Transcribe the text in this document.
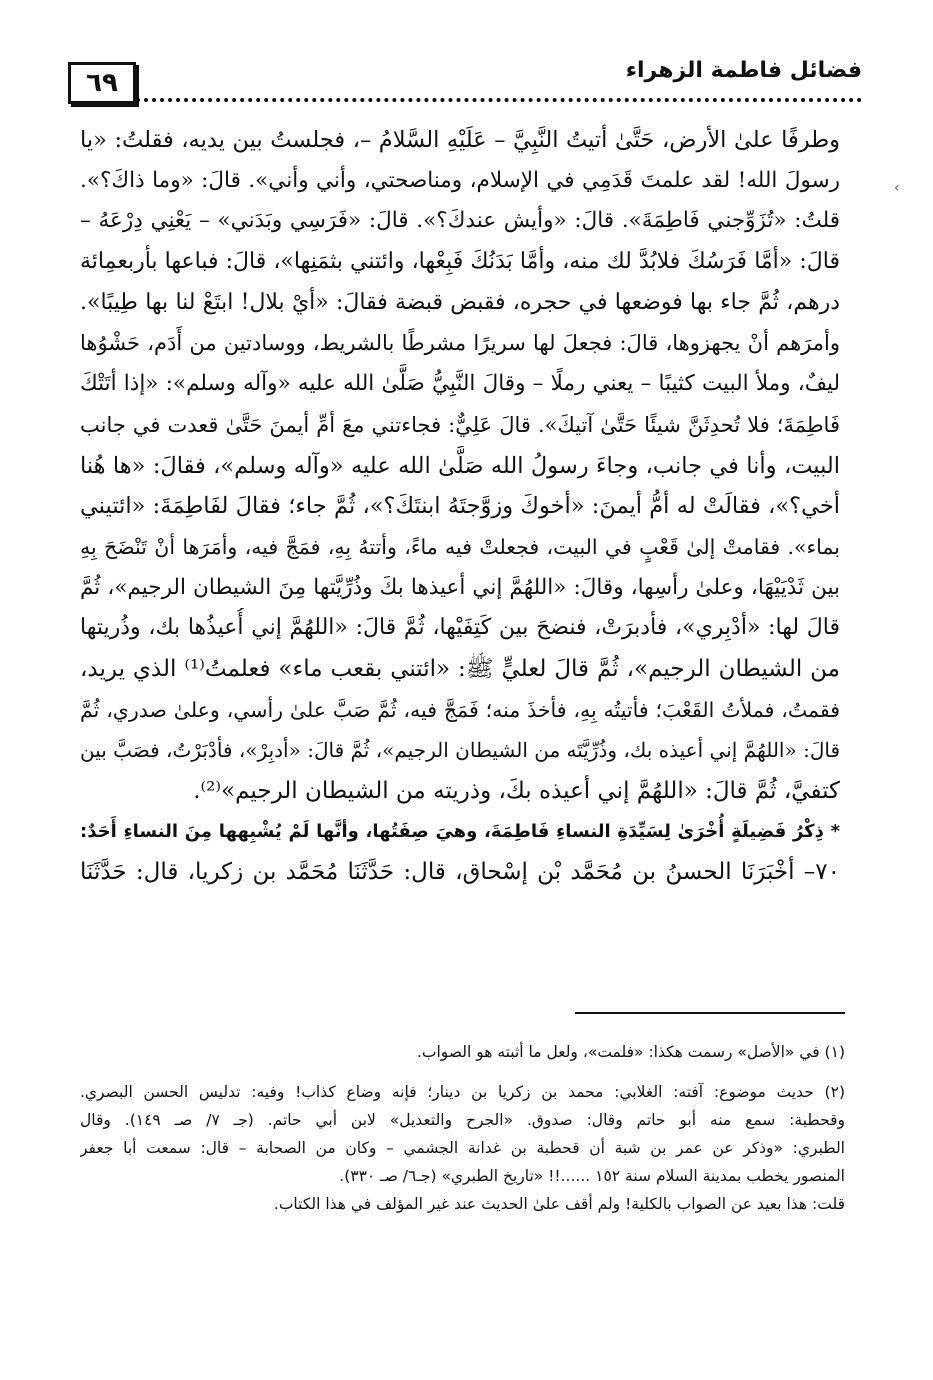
٦٩	فضائل فاطمة الزهراء
‹
وطرفًا علىٰ الأرض، حَتَّىٰ أتيتُ النَّبِيَّ – عَلَيْهِ السَّلامُ –، فجلستُ بين يديه، فقلتُ: «يا
رسولَ الله! لقد علمتَ قَدَمِي في الإسلام، ومناصحتي، وأني وأني». قالَ: «وما ذاكَ؟».
قلتُ: «تُزَوِّجني فَاطِمَةَ». قالَ: «وأيش عندكَ؟». قالَ: «فَرَسِي وبَدَني» – يَعْنِي دِرْعَهُ –
قالَ: «أمَّا فَرَسُكَ فلابُدَّ لك منه، وأمَّا بَدَنُكَ فَبِعْها، وائتني بثمَنِها»، قالَ: فباعها بأربعمِائة
درهم، ثُمَّ جاء بها فوضعها في حجره، فقبض قبضة فقالَ: «أيْ بلال! ابتَعْ لنا بها طِيبًا».
وأمرَهم أنْ يجهزوها، قالَ: فجعلَ لها سريرًا مشرطًا بالشريط، ووسادتين من أَدَم، حَشْوُها
ليفٌ، وملأ البيت كثيبًا – يعني رملًا – وقالَ النَّبِيُّ صَلَّىٰ الله عليه «وآله وسلم»: «إذا أتَتْكَ
فَاطِمَةَ؛ فلا تُحدِثَنَّ شيئًا حَتَّىٰ آتيكَ». قالَ عَلِيٌّ: فجاءتني معَ أمِّ أيمنَ حَتَّىٰ قعدت في جانب
البيت، وأنا في جانب، وجاءَ رسولُ الله صَلَّىٰ الله عليه «وآله وسلم»، فقالَ: «ها هُنا
أخي؟»، فقالَتْ له أمُّ أيمنَ: «أخوكَ وزوَّجتَهُ ابنتَكَ؟»، ثُمَّ جاء؛ فقالَ لفَاطِمَةَ: «ائتيني
بماء». فقامتْ إلىٰ قَعْبٍ في البيت، فجعلتْ فيه ماءً، وأتتهُ بِهِ، فمَجَّ فيه، وأمَرَها أنْ تَنْضَحَ بِهِ
بين ثَدْيَيْهَا، وعلىٰ رأسِها، وقالَ: «اللهُمَّ إني أعيذها بكَ وذُرِّيَّتها مِنَ الشيطان الرجيم»، ثُمَّ
قالَ لها: «أدْبِري»، فأدبرَتْ، فنضحَ بين كَتِفَيْها، ثُمَّ قالَ: «اللهُمَّ إني أُعيذُها بك، وذُريتها
من الشيطان الرجيم»، ثُمَّ قالَ لعليٍّ ﷺ: «ائتني بقعب ماء» فعلمتُ⁽¹⁾ الذي يريد،
فقمتُ، فملأتُ القَعْبَ؛ فأتيتُه بِهِ، فأخذَ منه؛ فَمَجَّ فيه، ثُمَّ صَبَّ علىٰ رأسي، وعلىٰ صدري، ثُمَّ
قالَ: «اللهُمَّ إني أعيذه بك، وذُرِّيَّتَه من الشيطان الرجيم»، ثُمَّ قالَ: «أدبِرْ»، فأدْبَرْتُ، فصَبَّ بين
كتفيَّ، ثُمَّ قالَ: «اللهُمَّ إني أعيذه بكَ، وذريته من الشيطان الرجيم»⁽²⁾.
* ذِكْرُ فَضِيلَةٍ أُخْرَىٰ لِسَيِّدَةِ النساءِ فَاطِمَةَ، وهيَ صِفَتُها، وأنَّها لَمْ يُشْبِهها مِنَ النساءِ أَحَدٌ:
٧٠– أخْبَرَنَا الحسنُ بن مُحَمَّد بْن إسْحاق، قال: حَدَّثَنَا مُحَمَّد بن زكريا، قال: حَدَّثَنَا
(١) في «الأصل» رسمت هكذا: «فلمت»، ولعل ما أثبته هو الصواب.
(٢) حديث موضوع: آفته: الغلابي: محمد بن زكريا بن دينار؛ فإنه وضاع كذاب! وفيه: تدليس الحسن البصري.
وقحطبة: سمع منه أبو حاتم وقال: صدوق. «الجرح والتعديل» لابن أبي حاتم. (جـ ٧/ صـ ١٤٩). وقال
الطبري: «وذكر عن عمر بن شبة أن قحطبة بن غدانة الجشمي – وكان من الصحابة – قال: سمعت أبا جعفر
المنصور يخطب بمدينة السلام سنة ١٥٢ ......!! «تاريخ الطبري» (جـ٦/ صـ ٣٣٠).
قلت: هذا بعيد عن الصواب بالكلية! ولم أقف علىٰ الحديث عند غير المؤلف في هذا الكتاب.
